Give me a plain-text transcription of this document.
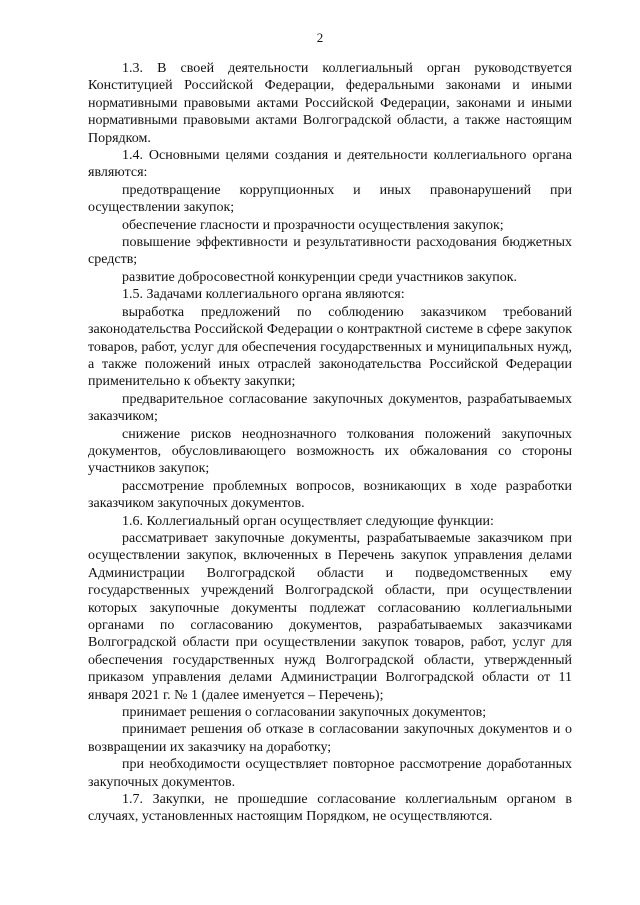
2

1.3. В своей деятельности коллегиальный орган руководствуется Конституцией Российской Федерации, федеральными законами и иными нормативными правовыми актами Российской Федерации, законами и иными нормативными правовыми актами Волгоградской области, а также настоящим Порядком.

1.4. Основными целями создания и деятельности коллегиального органа являются:

предотвращение коррупционных и иных правонарушений при осуществлении закупок;

обеспечение гласности и прозрачности осуществления закупок;

повышение эффективности и результативности расходования бюджетных средств;

развитие добросовестной конкуренции среди участников закупок.

1.5. Задачами коллегиального органа являются:

выработка предложений по соблюдению заказчиком требований законодательства Российской Федерации о контрактной системе в сфере закупок товаров, работ, услуг для обеспечения государственных и муниципальных нужд, а также положений иных отраслей законодательства Российской Федерации применительно к объекту закупки;

предварительное согласование закупочных документов, разрабатываемых заказчиком;

снижение рисков неоднозначного толкования положений закупочных документов, обусловливающего возможность их обжалования со стороны участников закупок;

рассмотрение проблемных вопросов, возникающих в ходе разработки заказчиком закупочных документов.

1.6. Коллегиальный орган осуществляет следующие функции:

рассматривает закупочные документы, разрабатываемые заказчиком при осуществлении закупок, включенных в Перечень закупок управления делами Администрации Волгоградской области и подведомственных ему государственных учреждений Волгоградской области, при осуществлении которых закупочные документы подлежат согласованию коллегиальными органами по согласованию документов, разрабатываемых заказчиками Волгоградской области при осуществлении закупок товаров, работ, услуг для обеспечения государственных нужд Волгоградской области, утвержденный приказом управления делами Администрации Волгоградской области от 11 января 2021 г. № 1 (далее именуется – Перечень);

принимает решения о согласовании закупочных документов;

принимает решения об отказе в согласовании закупочных документов и о возвращении их заказчику на доработку;

при необходимости осуществляет повторное рассмотрение доработанных закупочных документов.

1.7. Закупки, не прошедшие согласование коллегиальным органом в случаях, установленных настоящим Порядком, не осуществляются.
